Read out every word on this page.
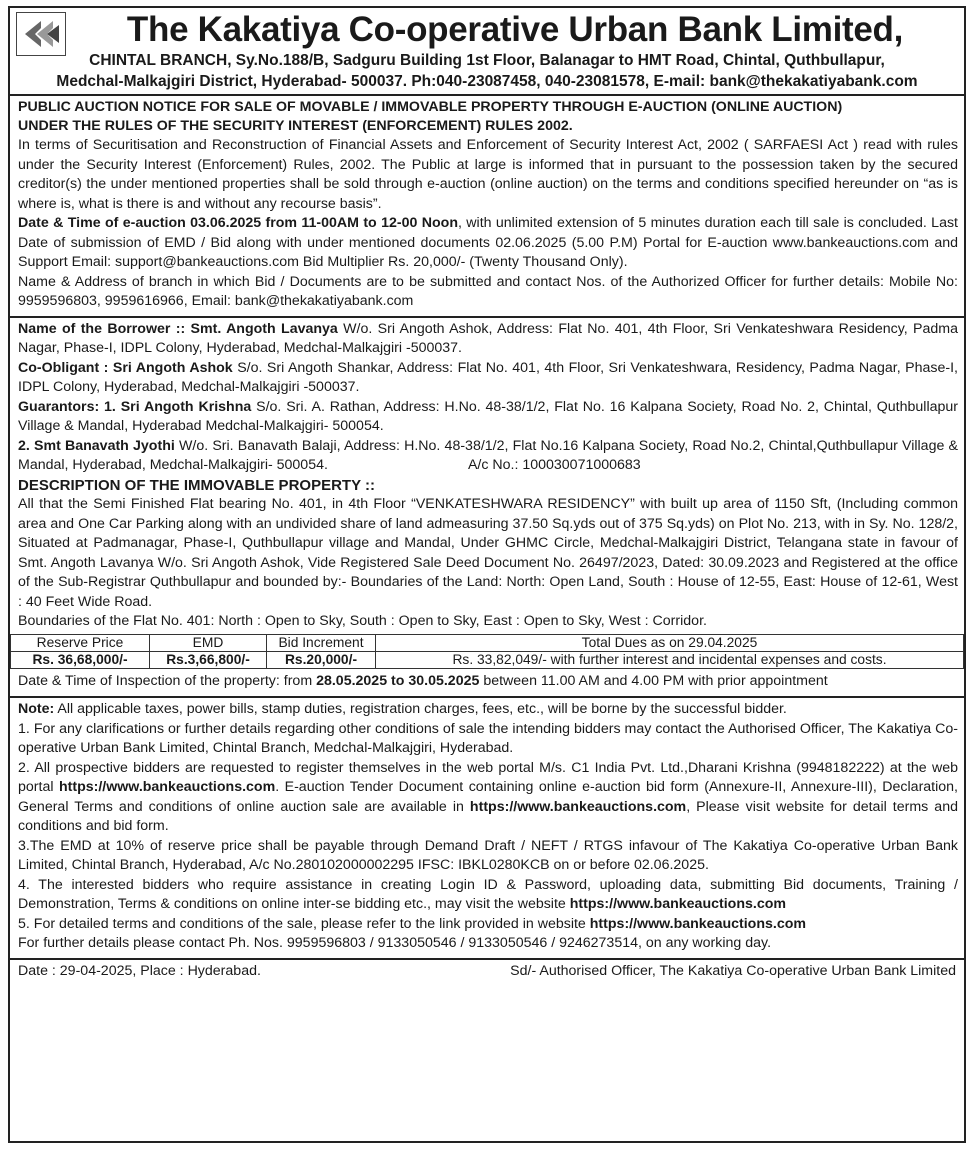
The Kakatiya Co-operative Urban Bank Limited,
CHINTAL BRANCH, Sy.No.188/B, Sadguru Building 1st Floor, Balanagar to HMT Road, Chintal, Quthbullapur,
Medchal-Malkajgiri District, Hyderabad- 500037. Ph:040-23087458, 040-23081578, E-mail: bank@thekakatiyabank.com
PUBLIC AUCTION NOTICE FOR SALE OF MOVABLE / IMMOVABLE PROPERTY THROUGH E-AUCTION (ONLINE AUCTION)
UNDER THE RULES OF THE SECURITY INTEREST (ENFORCEMENT) RULES 2002.
In terms of Securitisation and Reconstruction of Financial Assets and Enforcement of Security Interest Act, 2002 ( SARFAESI Act ) read with rules under the Security Interest (Enforcement) Rules, 2002. The Public at large is informed that in pursuant to the possession taken by the secured creditor(s) the under mentioned properties shall be sold through e-auction (online auction) on the terms and conditions specified hereunder on “as is where is, what is there is and without any recourse basis”.
Date & Time of e-auction 03.06.2025 from 11-00AM to 12-00 Noon, with unlimited extension of 5 minutes duration each till sale is concluded. Last Date of submission of EMD / Bid along with under mentioned documents 02.06.2025 (5.00 P.M) Portal for E-auction www.bankeauctions.com and Support Email: support@bankeauctions.com Bid Multiplier Rs. 20,000/- (Twenty Thousand Only).
Name & Address of branch in which Bid / Documents are to be submitted and contact Nos. of the Authorized Officer for further details: Mobile No: 9959596803, 9959616966, Email: bank@thekakatiyabank.com
Name of the Borrower :: Smt. Angoth Lavanya W/o. Sri Angoth Ashok, Address: Flat No. 401, 4th Floor, Sri Venkateshwara Residency, Padma Nagar, Phase-I, IDPL Colony, Hyderabad, Medchal-Malkajgiri -500037.
Co-Obligant : Sri Angoth Ashok S/o. Sri Angoth Shankar, Address: Flat No. 401, 4th Floor, Sri Venkateshwara, Residency, Padma Nagar, Phase-I, IDPL Colony, Hyderabad, Medchal-Malkajgiri -500037.
Guarantors: 1. Sri Angoth Krishna S/o. Sri. A. Rathan, Address: H.No. 48-38/1/2, Flat No. 16 Kalpana Society, Road No. 2, Chintal, Quthbullapur Village & Mandal, Hyderabad Medchal-Malkajgiri- 500054.
2. Smt Banavath Jyothi W/o. Sri. Banavath Balaji, Address: H.No. 48-38/1/2, Flat No.16 Kalpana Society, Road No.2, Chintal,Quthbullapur Village & Mandal, Hyderabad, Medchal-Malkajgiri- 500054.	A/c No.: 100030071000683
DESCRIPTION OF THE IMMOVABLE PROPERTY ::
All that the Semi Finished Flat bearing No. 401, in 4th Floor “VENKATESHWARA RESIDENCY” with built up area of 1150 Sft, (Including common area and One Car Parking along with an undivided share of land admeasuring 37.50 Sq.yds out of 375 Sq.yds) on Plot No. 213, with in Sy. No. 128/2, Situated at Padmanagar, Phase-I, Quthbullapur village and Mandal, Under GHMC Circle, Medchal-Malkajgiri District, Telangana state in favour of Smt. Angoth Lavanya W/o. Sri Angoth Ashok, Vide Registered Sale Deed Document No. 26497/2023, Dated: 30.09.2023 and Registered at the office of the Sub-Registrar Quthbullapur and bounded by:- Boundaries of the Land: North: Open Land, South : House of 12-55, East: House of 12-61, West : 40 Feet Wide Road.
Boundaries of the Flat No. 401: North : Open to Sky, South : Open to Sky, East : Open to Sky, West : Corridor.
Reserve Price	EMD	Bid Increment	Total Dues as on 29.04.2025
Rs. 36,68,000/-	Rs.3,66,800/-	Rs.20,000/-	Rs. 33,82,049/- with further interest and incidental expenses and costs.
Date & Time of Inspection of the property: from 28.05.2025 to 30.05.2025 between 11.00 AM and 4.00 PM with prior appointment
Note: All applicable taxes, power bills, stamp duties, registration charges, fees, etc., will be borne by the successful bidder.
1. For any clarifications or further details regarding other conditions of sale the intending bidders may contact the Authorised Officer, The Kakatiya Co-operative Urban Bank Limited, Chintal Branch, Medchal-Malkajgiri, Hyderabad.
2. All prospective bidders are requested to register themselves in the web portal M/s. C1 India Pvt. Ltd.,Dharani Krishna (9948182222) at the web portal https://www.bankeauctions.com. E-auction Tender Document containing online e-auction bid form (Annexure-II, Annexure-III), Declaration, General Terms and conditions of online auction sale are available in https://www.bankeauctions.com, Please visit website for detail terms and conditions and bid form.
3.The EMD at 10% of reserve price shall be payable through Demand Draft / NEFT / RTGS infavour of The Kakatiya Co-operative Urban Bank Limited, Chintal Branch, Hyderabad, A/c No.280102000002295 IFSC: IBKL0280KCB on or before 02.06.2025.
4. The interested bidders who require assistance in creating Login ID & Password, uploading data, submitting Bid documents, Training / Demonstration, Terms & conditions on online inter-se bidding etc., may visit the website https://www.bankeauctions.com
5. For detailed terms and conditions of the sale, please refer to the link provided in website https://www.bankeauctions.com
For further details please contact Ph. Nos. 9959596803 / 9133050546 / 9133050546 / 9246273514, on any working day.
Date : 29-04-2025, Place : Hyderabad.	Sd/- Authorised Officer, The Kakatiya Co-operative Urban Bank Limited
